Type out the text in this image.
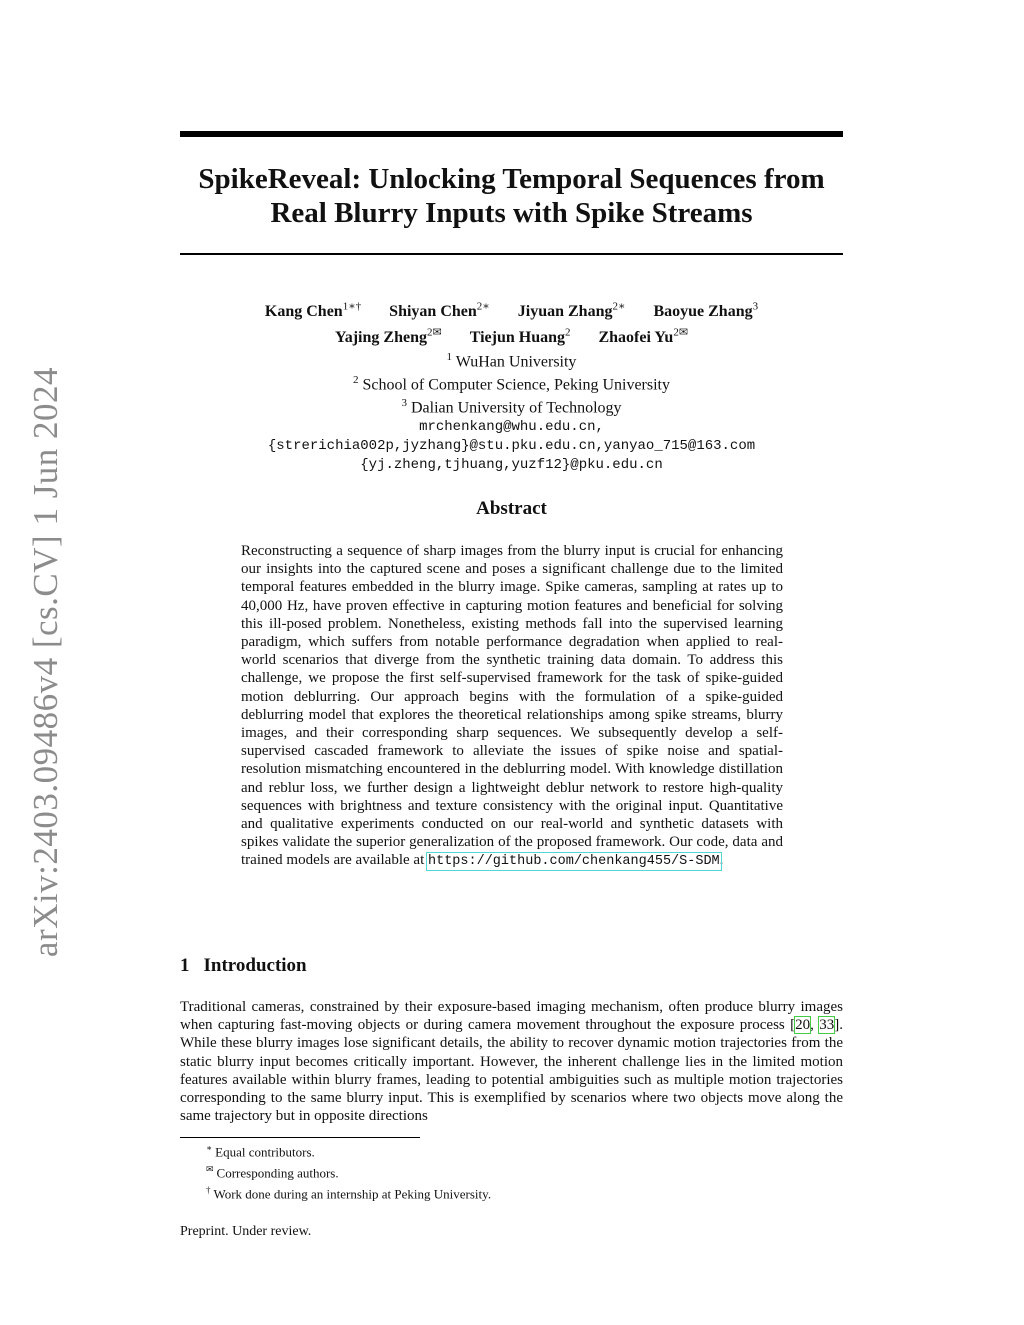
arXiv:2403.09486v4 [cs.CV] 1 Jun 2024
SpikeReveal: Unlocking Temporal Sequences from
Real Blurry Inputs with Spike Streams
Kang Chen$^{1∗\dagger}$ Shiyan Chen$^{2∗}$ Jiyuan Zhang$^{2∗}$ Baoyue Zhang$^3$
Yajing Zheng$^{2✉}$ Tiejun Huang$^2$ Zhaofei $Yu^{2✉}$
$^1$ WuHan University
$^2$ School of Computer Science, Peking University
$^3$ Dalian University of Technology
mrchenkang@whu.edu.cn,
{strerichia002p,jyzhang}@stu.pku.edu.cn,yanyao_715@163.com
{yj.zheng,tjhuang,yuzf12}@pku.edu.cn
Abstract
Reconstructing a sequence of sharp images from the blurry input is crucial for enhancing our insights into the captured scene and poses a significant challenge due to the limited temporal features embedded in the blurry image. Spike cameras, sampling at rates up to 40,000 Hz, have proven effective in capturing motion features and beneficial for solving this ill-posed problem. Nonetheless, existing methods fall into the supervised learning paradigm, which suffers from notable performance degradation when applied to real-world scenarios that diverge from the synthetic training data domain. To address this challenge, we propose the first self-supervised framework for the task of spike-guided motion deblurring. Our approach begins with the formulation of a spike-guided deblurring model that explores the theoretical relationships among spike streams, blurry images, and their corresponding sharp sequences. We subsequently develop a self-supervised cascaded framework to alleviate the issues of spike noise and spatial-resolution mismatching encountered in the deblurring model. With knowledge distillation and reblur loss, we further design a lightweight deblur network to restore high-quality sequences with brightness and texture consistency with the original input. Quantitative and qualitative experiments conducted on our real-world and synthetic datasets with spikes validate the superior generalization of the proposed framework. Our code, data and trained models are available at https://github.com/chenkang455/S-SDM.
1 Introduction
Traditional cameras, constrained by their exposure-based imaging mechanism, often produce blurry images when capturing fast-moving objects or during camera movement throughout the exposure process [20, 33]. While these blurry images lose significant details, the ability to recover dynamic motion trajectories from the static blurry input becomes critically important. However, the inherent challenge lies in the limited motion features available within blurry frames, leading to potential ambiguities such as multiple motion trajectories corresponding to the same blurry input. This is exemplified by scenarios where two objects move along the same trajectory but in opposite directions
∗ Equal contributors.
✉ Corresponding authors.
† Work done during an internship at Peking University.

Preprint. Under review.
